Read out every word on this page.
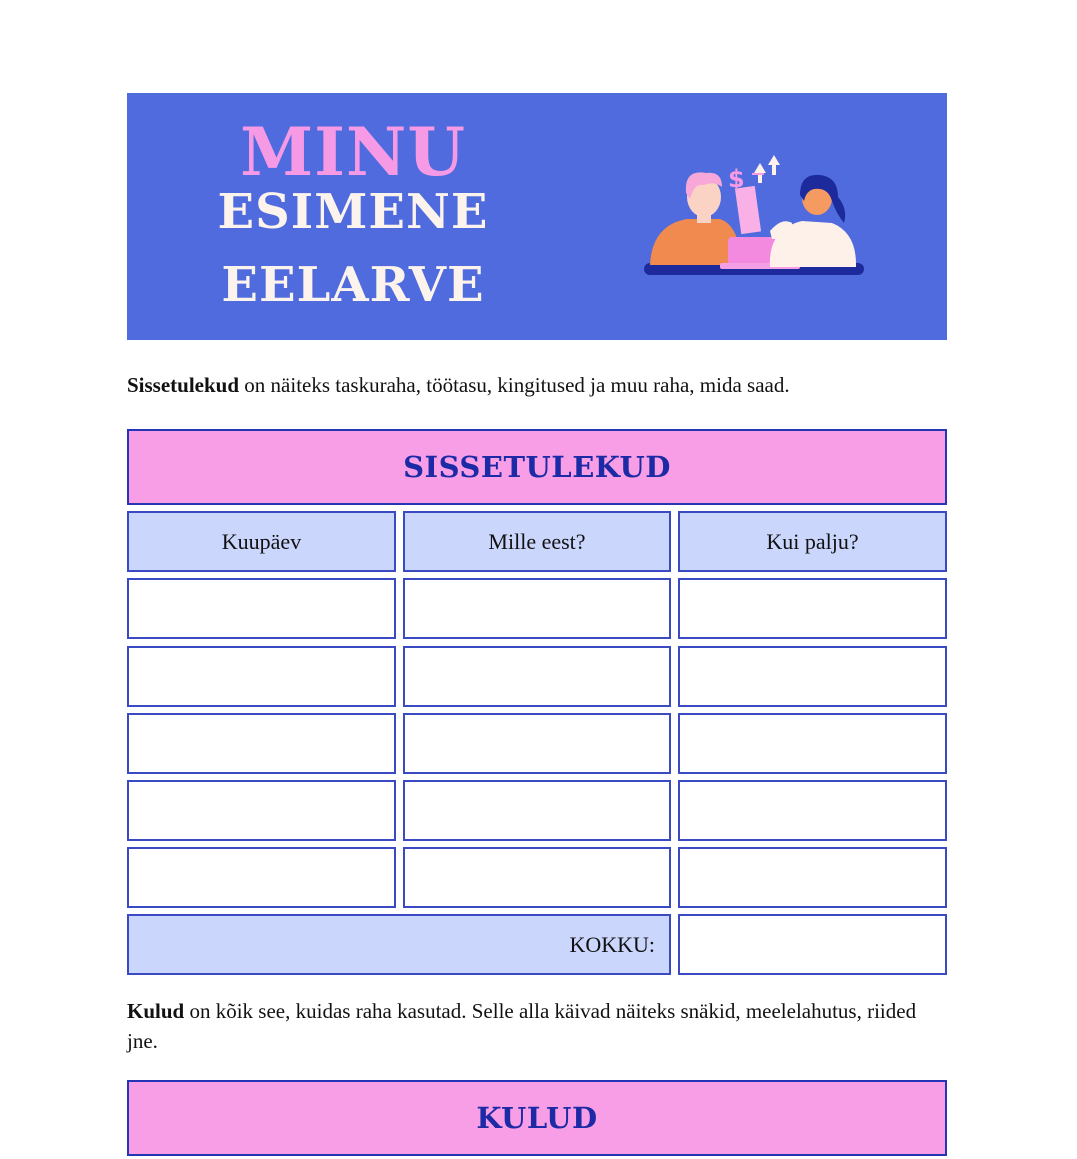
MINU
ESIMENE
EELARVE
$
Sissetulekud on näiteks taskuraha, töötasu, kingitused ja muu raha, mida saad.
SISSETULEKUD
Kuupäev	Mille eest?	Kui palju?
KOKKU:
Kulud on kõik see, kuidas raha kasutad. Selle alla käivad näiteks snäkid, meelelahutus, riided jne.
KULUD
